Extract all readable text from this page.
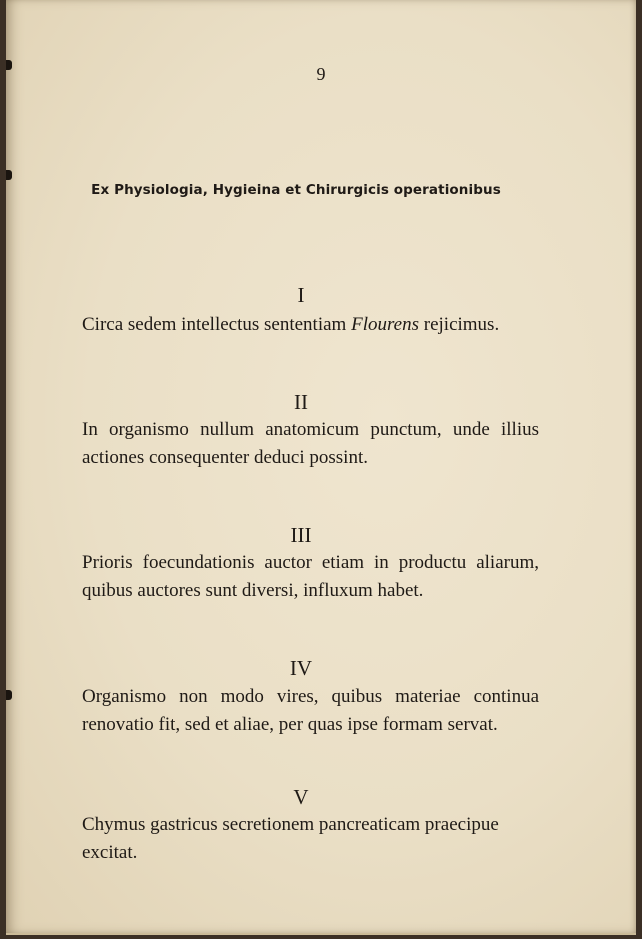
9
Ex Physiologia, Hygieina et Chirurgicis operationibus
I
Circa sedem intellectus sententiam Flourens rejicimus.
II
In organismo nullum anatomicum punctum, unde illius actiones consequenter deduci possint.
III
Prioris foecundationis auctor etiam in productu aliarum, quibus auctores sunt diversi, influxum habet.
IV
Organismo non modo vires, quibus materiae continua renovatio fit, sed et aliae, per quas ipse formam servat.
V
Chymus gastricus secretionem pancreaticam praecipue excitat.
